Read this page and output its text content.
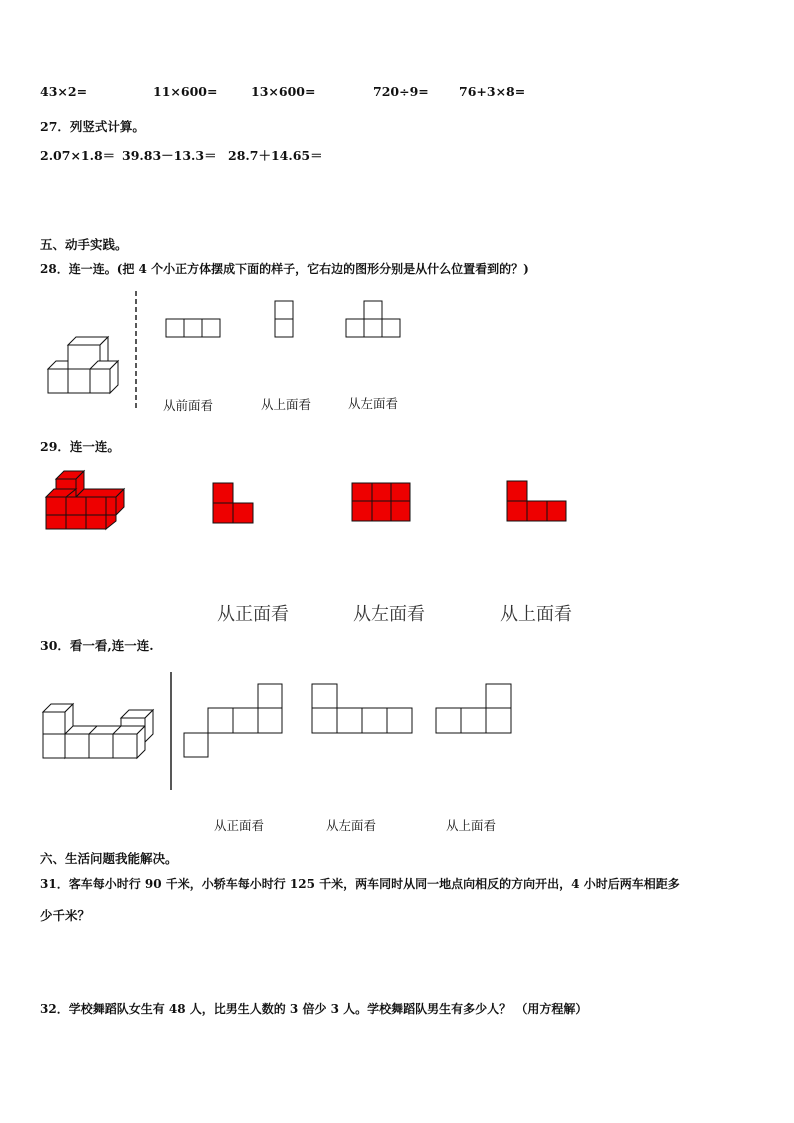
43×2=	11×600=	13×600=	720÷9= 76+3×8=
27．列竖式计算。
2.07×1.8＝ 39.83－13.3＝ 28.7＋14.65＝
五、动手实践。
28．连一连。(把 4 个小正方体摆成下面的样子，它右边的图形分别是从什么位置看到的？)
从前面看	从上面看	从左面看
29．连一连。
从正面看	从左面看	从上面看
30．看一看,连一连.
从正面看	从左面看	从上面看
六、生活问题我能解决。
31．客车每小时行 90 千米，小轿车每小时行 125 千米，两车同时从同一地点向相反的方向开出，4 小时后两车相距多
少千米？
32．学校舞蹈队女生有 48 人，比男生人数的 3 倍少 3 人。学校舞蹈队男生有多少人？ （用方程解）
